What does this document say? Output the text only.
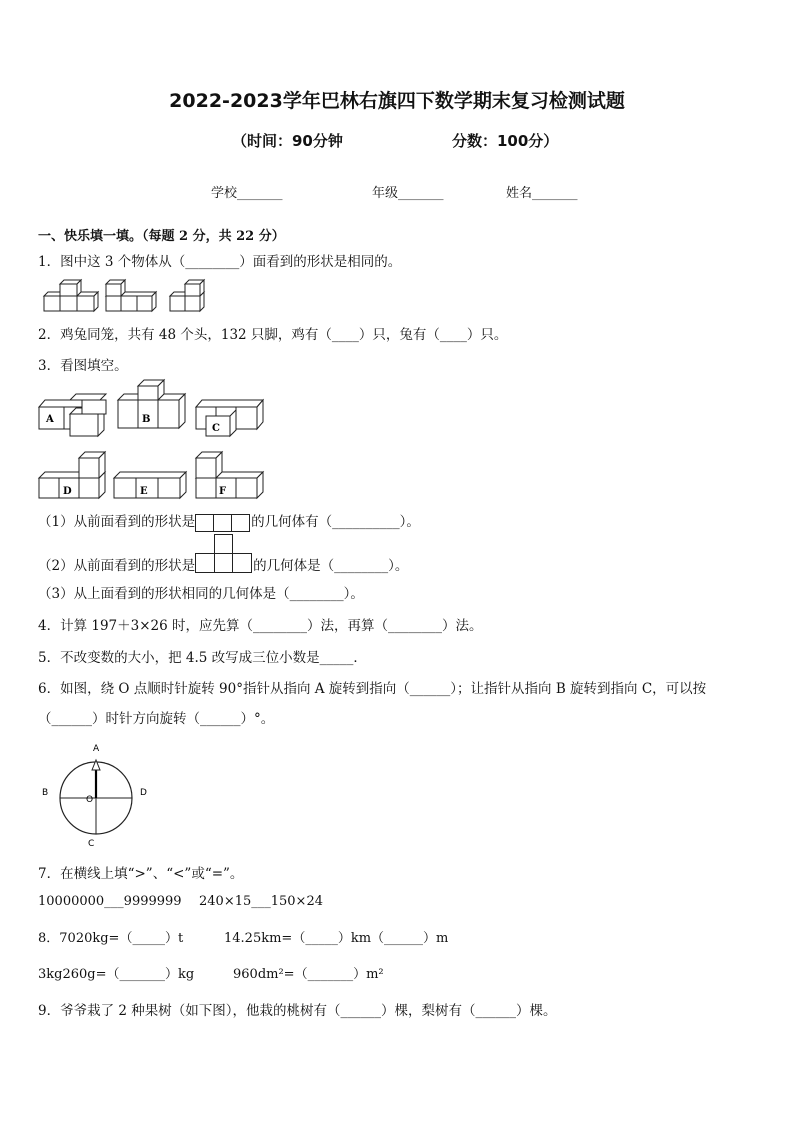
2022-2023学年巴林右旗四下数学期末复习检测试题
（时间：90分钟	分数：100分）
学校_______	年级_______	姓名_______
一、快乐填一填。（每题 2 分，共 22 分）
1．图中这 3 个物体从（________）面看到的形状是相同的。
2．鸡兔同笼，共有 48 个头，132 只脚，鸡有（____）只，兔有（____）只。
3．看图填空。
A	B
C
D	E	F
（1）从前面看到的形状是	的几何体有（__________）。
（2）从前面看到的形状是	的几何体是（________）。
（3）从上面看到的形状相同的几何体是（________）。
4．计算 197＋3×26 时，应先算（________）法，再算（________）法。
5．不改变数的大小，把 4.5 改写成三位小数是_____．
6．如图，绕 O 点顺时针旋转 90°指针从指向 A 旋转到指向（______）；让指针从指向 B 旋转到指向 C，可以按
（______）时针方向旋转（______）°。
A
B
C
D
O
7．在横线上填“>”、“<”或“=”。
10000000___9999999 240×15___150×24
8．7020kg=（_____）t	14.25km=（_____）km（______）m
3kg260g=（_______）kg	960dm²=（_______）m²
9．爷爷栽了 2 种果树（如下图），他栽的桃树有（______）棵，梨树有（______）棵。
